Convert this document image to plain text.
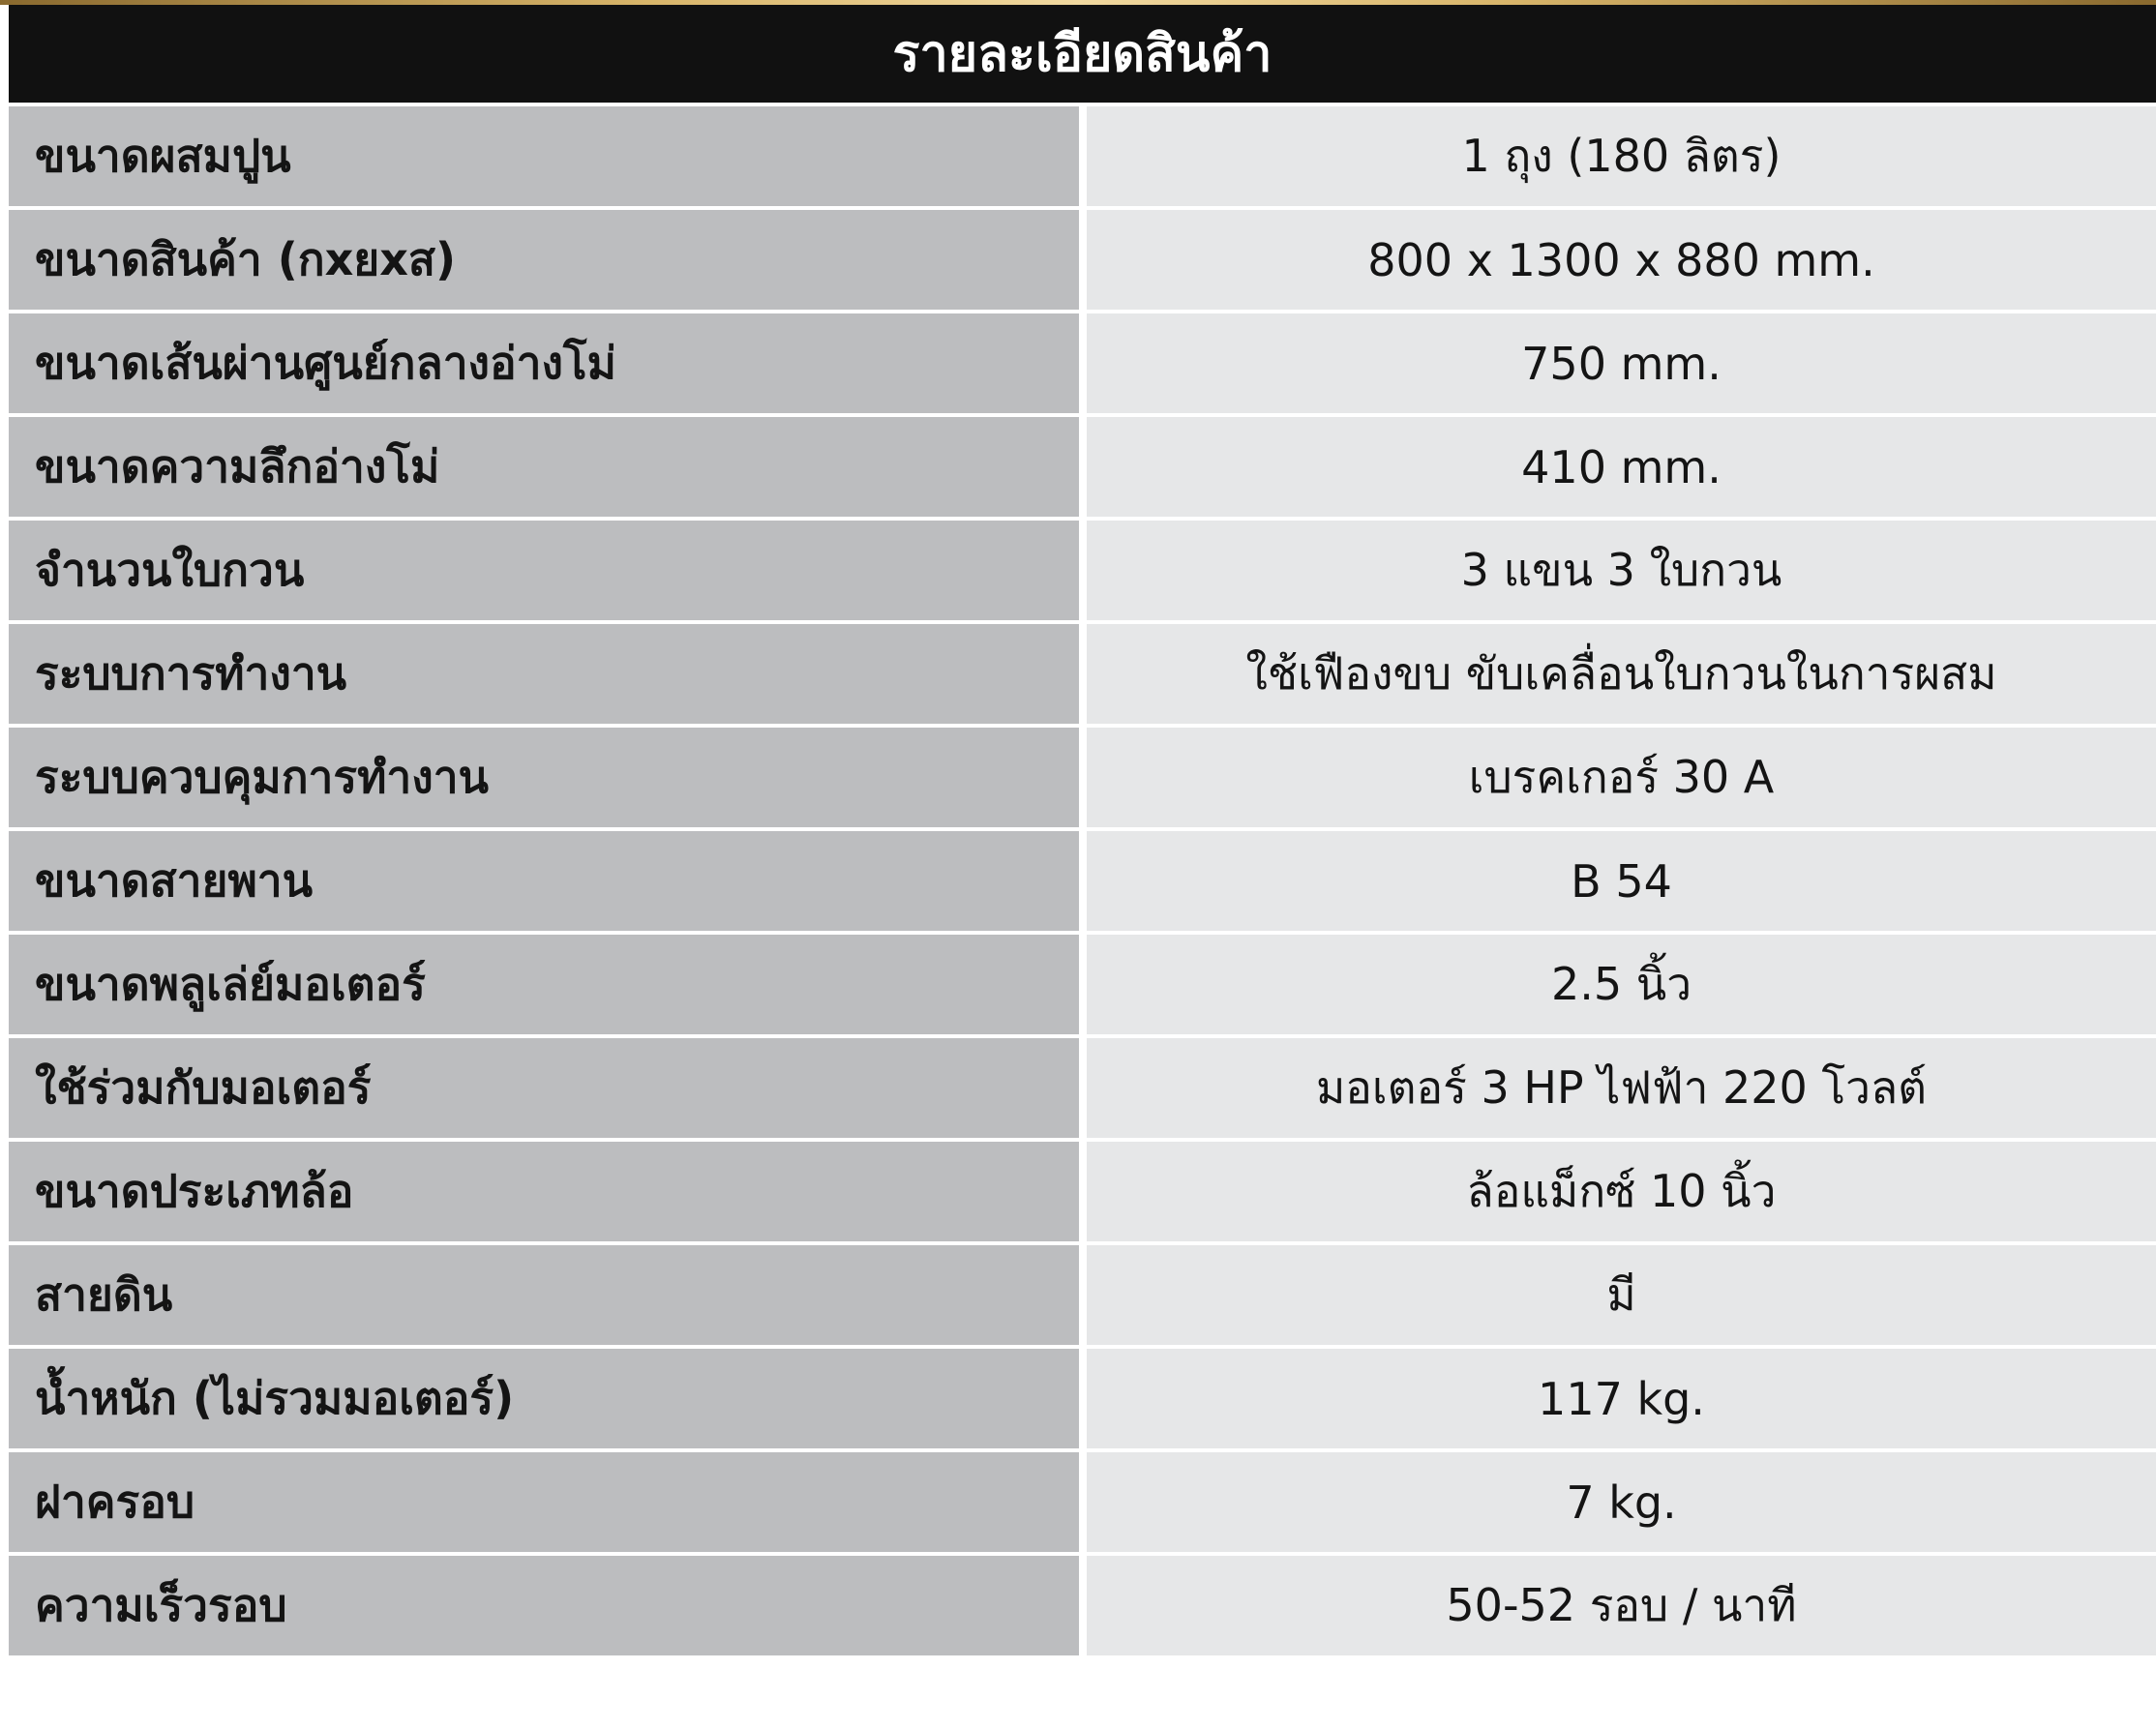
รายละเอียดสินค้า
ขนาดผสมปูน	1 ถุง (180 ลิตร)
ขนาดสินค้า (กxยxส)	800 x 1300 x 880 mm.
ขนาดเส้นผ่านศูนย์กลางอ่างโม่	750 mm.
ขนาดความลึกอ่างโม่	410 mm.
จำนวนใบกวน	3 แขน 3 ใบกวน
ระบบการทำงาน	ใช้เฟืองขบ ขับเคลื่อนใบกวนในการผสม
ระบบควบคุมการทำงาน	เบรคเกอร์ 30 A
ขนาดสายพาน	B 54
ขนาดพลูเล่ย์มอเตอร์	2.5 นิ้ว
ใช้ร่วมกับมอเตอร์	มอเตอร์ 3 HP ไฟฟ้า 220 โวลต์
ขนาดประเภทล้อ	ล้อแม็กซ์ 10 นิ้ว
สายดิน	มี
น้ำหนัก (ไม่รวมมอเตอร์)	117 kg.
ฝาครอบ	7 kg.
ความเร็วรอบ	50-52 รอบ / นาที
